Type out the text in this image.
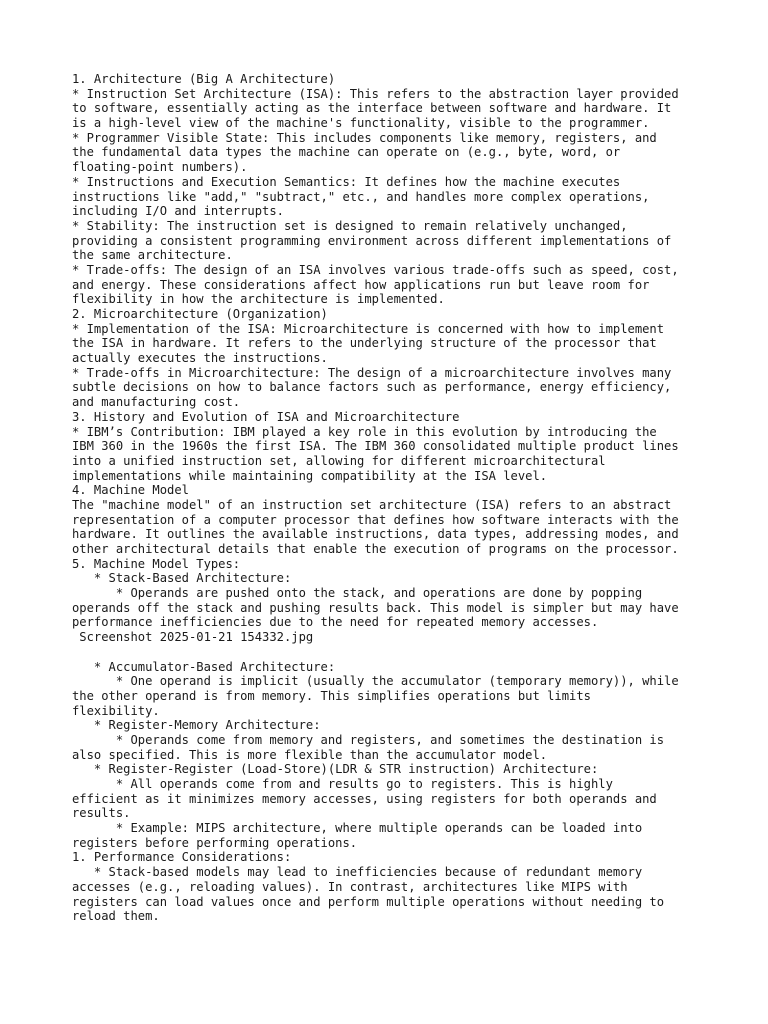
1. Architecture (Big A Architecture)
* Instruction Set Architecture (ISA): This refers to the abstraction layer provided
to software, essentially acting as the interface between software and hardware. It
is a high-level view of the machine's functionality, visible to the programmer.
* Programmer Visible State: This includes components like memory, registers, and
the fundamental data types the machine can operate on (e.g., byte, word, or
floating-point numbers).
* Instructions and Execution Semantics: It defines how the machine executes
instructions like "add," "subtract," etc., and handles more complex operations,
including I/O and interrupts.
* Stability: The instruction set is designed to remain relatively unchanged,
providing a consistent programming environment across different implementations of
the same architecture.
* Trade-offs: The design of an ISA involves various trade-offs such as speed, cost,
and energy. These considerations affect how applications run but leave room for
flexibility in how the architecture is implemented.
2. Microarchitecture (Organization)
* Implementation of the ISA: Microarchitecture is concerned with how to implement
the ISA in hardware. It refers to the underlying structure of the processor that
actually executes the instructions.
* Trade-offs in Microarchitecture: The design of a microarchitecture involves many
subtle decisions on how to balance factors such as performance, energy efficiency,
and manufacturing cost.
3. History and Evolution of ISA and Microarchitecture
* IBM’s Contribution: IBM played a key role in this evolution by introducing the
IBM 360 in the 1960s the first ISA. The IBM 360 consolidated multiple product lines
into a unified instruction set, allowing for different microarchitectural
implementations while maintaining compatibility at the ISA level.
4. Machine Model
The "machine model" of an instruction set architecture (ISA) refers to an abstract
representation of a computer processor that defines how software interacts with the
hardware. It outlines the available instructions, data types, addressing modes, and
other architectural details that enable the execution of programs on the processor.
5. Machine Model Types:
* Stack-Based Architecture:
* Operands are pushed onto the stack, and operations are done by popping
operands off the stack and pushing results back. This model is simpler but may have
performance inefficiencies due to the need for repeated memory accesses.
Screenshot 2025-01-21 154332.jpg
* Accumulator-Based Architecture:
* One operand is implicit (usually the accumulator (temporary memory)), while
the other operand is from memory. This simplifies operations but limits
flexibility.
* Register-Memory Architecture:
* Operands come from memory and registers, and sometimes the destination is
also specified. This is more flexible than the accumulator model.
* Register-Register (Load-Store)(LDR & STR instruction) Architecture:
* All operands come from and results go to registers. This is highly
efficient as it minimizes memory accesses, using registers for both operands and
results.
* Example: MIPS architecture, where multiple operands can be loaded into
registers before performing operations.
1. Performance Considerations:
* Stack-based models may lead to inefficiencies because of redundant memory
accesses (e.g., reloading values). In contrast, architectures like MIPS with
registers can load values once and perform multiple operations without needing to
reload them.
